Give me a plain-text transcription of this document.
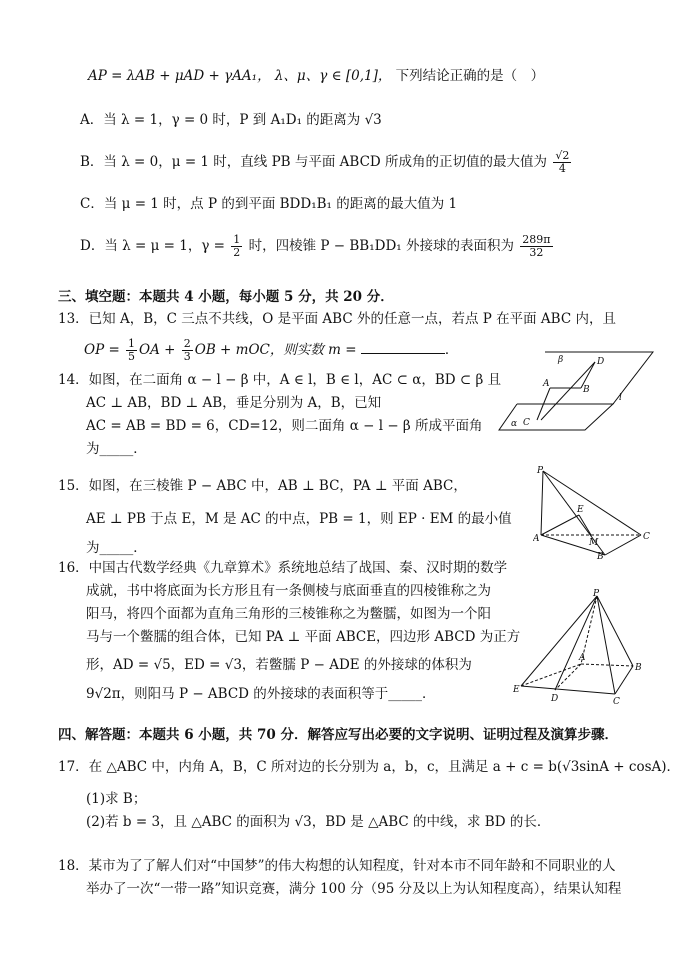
AP = λAB + μAD + γAA₁， λ、μ、γ ∈ [0,1]， 下列结论正确的是（　）
A．当 λ = 1，γ = 0 时，P 到 A₁D₁ 的距离为 √3
B．当 λ = 0，μ = 1 时，直线 PB 与平面 ABCD 所成角的正切值的最大值为 $\frac{√2}{4}$
C．当 μ = 1 时，点 P 的到平面 BDD₁B₁ 的距离的最大值为 1
D．当 λ = μ = 1，$\gamma = \frac{1}{2}$ 时，四棱锥 P − BB₁DD₁ 外接球的表面积为 $\frac{289\pi}{32}$
三、填空题：本题共 4 小题，每小题 5 分，共 20 分．
13．已知 A，B，C 三点不共线，O 是平面 ABC 外的任意一点，若点 P 在平面 ABC 内，且
OP = $\frac{1}{5}$ OA + $\frac{2}{3}$ OB + mOC，则实数 m =	．
14．如图，在二面角 α − l − β 中，A ∈ l，B ∈ l，AC ⊂ α，BD ⊂ β 且
AC ⊥ AB，BD ⊥ AB，垂足分别为 A，B，已知
AC = AB = BD = 6，CD=12，则二面角 α − l − β 所成平面角
为_____．
β
α
l
A
B
C
D
15．如图，在三棱锥 P − ABC 中，AB ⊥ BC，PA ⊥ 平面 ABC，
AE ⊥ PB 于点 E，M 是 AC 的中点，PB = 1，则 EP · EM 的最小值
为_____．
P
E
M
A
B
C
16．中国古代数学经典《九章算术》系统地总结了战国、秦、汉时期的数学
成就，书中将底面为长方形且有一条侧棱与底面垂直的四棱锥称之为
阳马，将四个面都为直角三角形的三棱锥称之为鳖臑，如图为一个阳
马与一个鳖臑的组合体，已知 PA ⊥ 平面 ABCE，四边形 ABCD 为正方
形，AD = √5，ED = √3，若鳖臑 P − ADE 的外接球的体积为
9√2π，则阳马 P − ABCD 的外接球的表面积等于_____．
P
A
B
C
D
E
四、解答题：本题共 6 小题，共 70 分．解答应写出必要的文字说明、证明过程及演算步骤．
17．在 △ABC 中，内角 A，B，C 所对边的长分别为 a，b，c，且满足 a + c = b(√3sinA + cosA)．
(1)求 B；
(2)若 b = 3，且 △ABC 的面积为 √3，BD 是 △ABC 的中线，求 BD 的长．
18．某市为了了解人们对“中国梦”的伟大构想的认知程度，针对本市不同年龄和不同职业的人
举办了一次“一带一路”知识竞赛，满分 100 分（95 分及以上为认知程度高），结果认知程
